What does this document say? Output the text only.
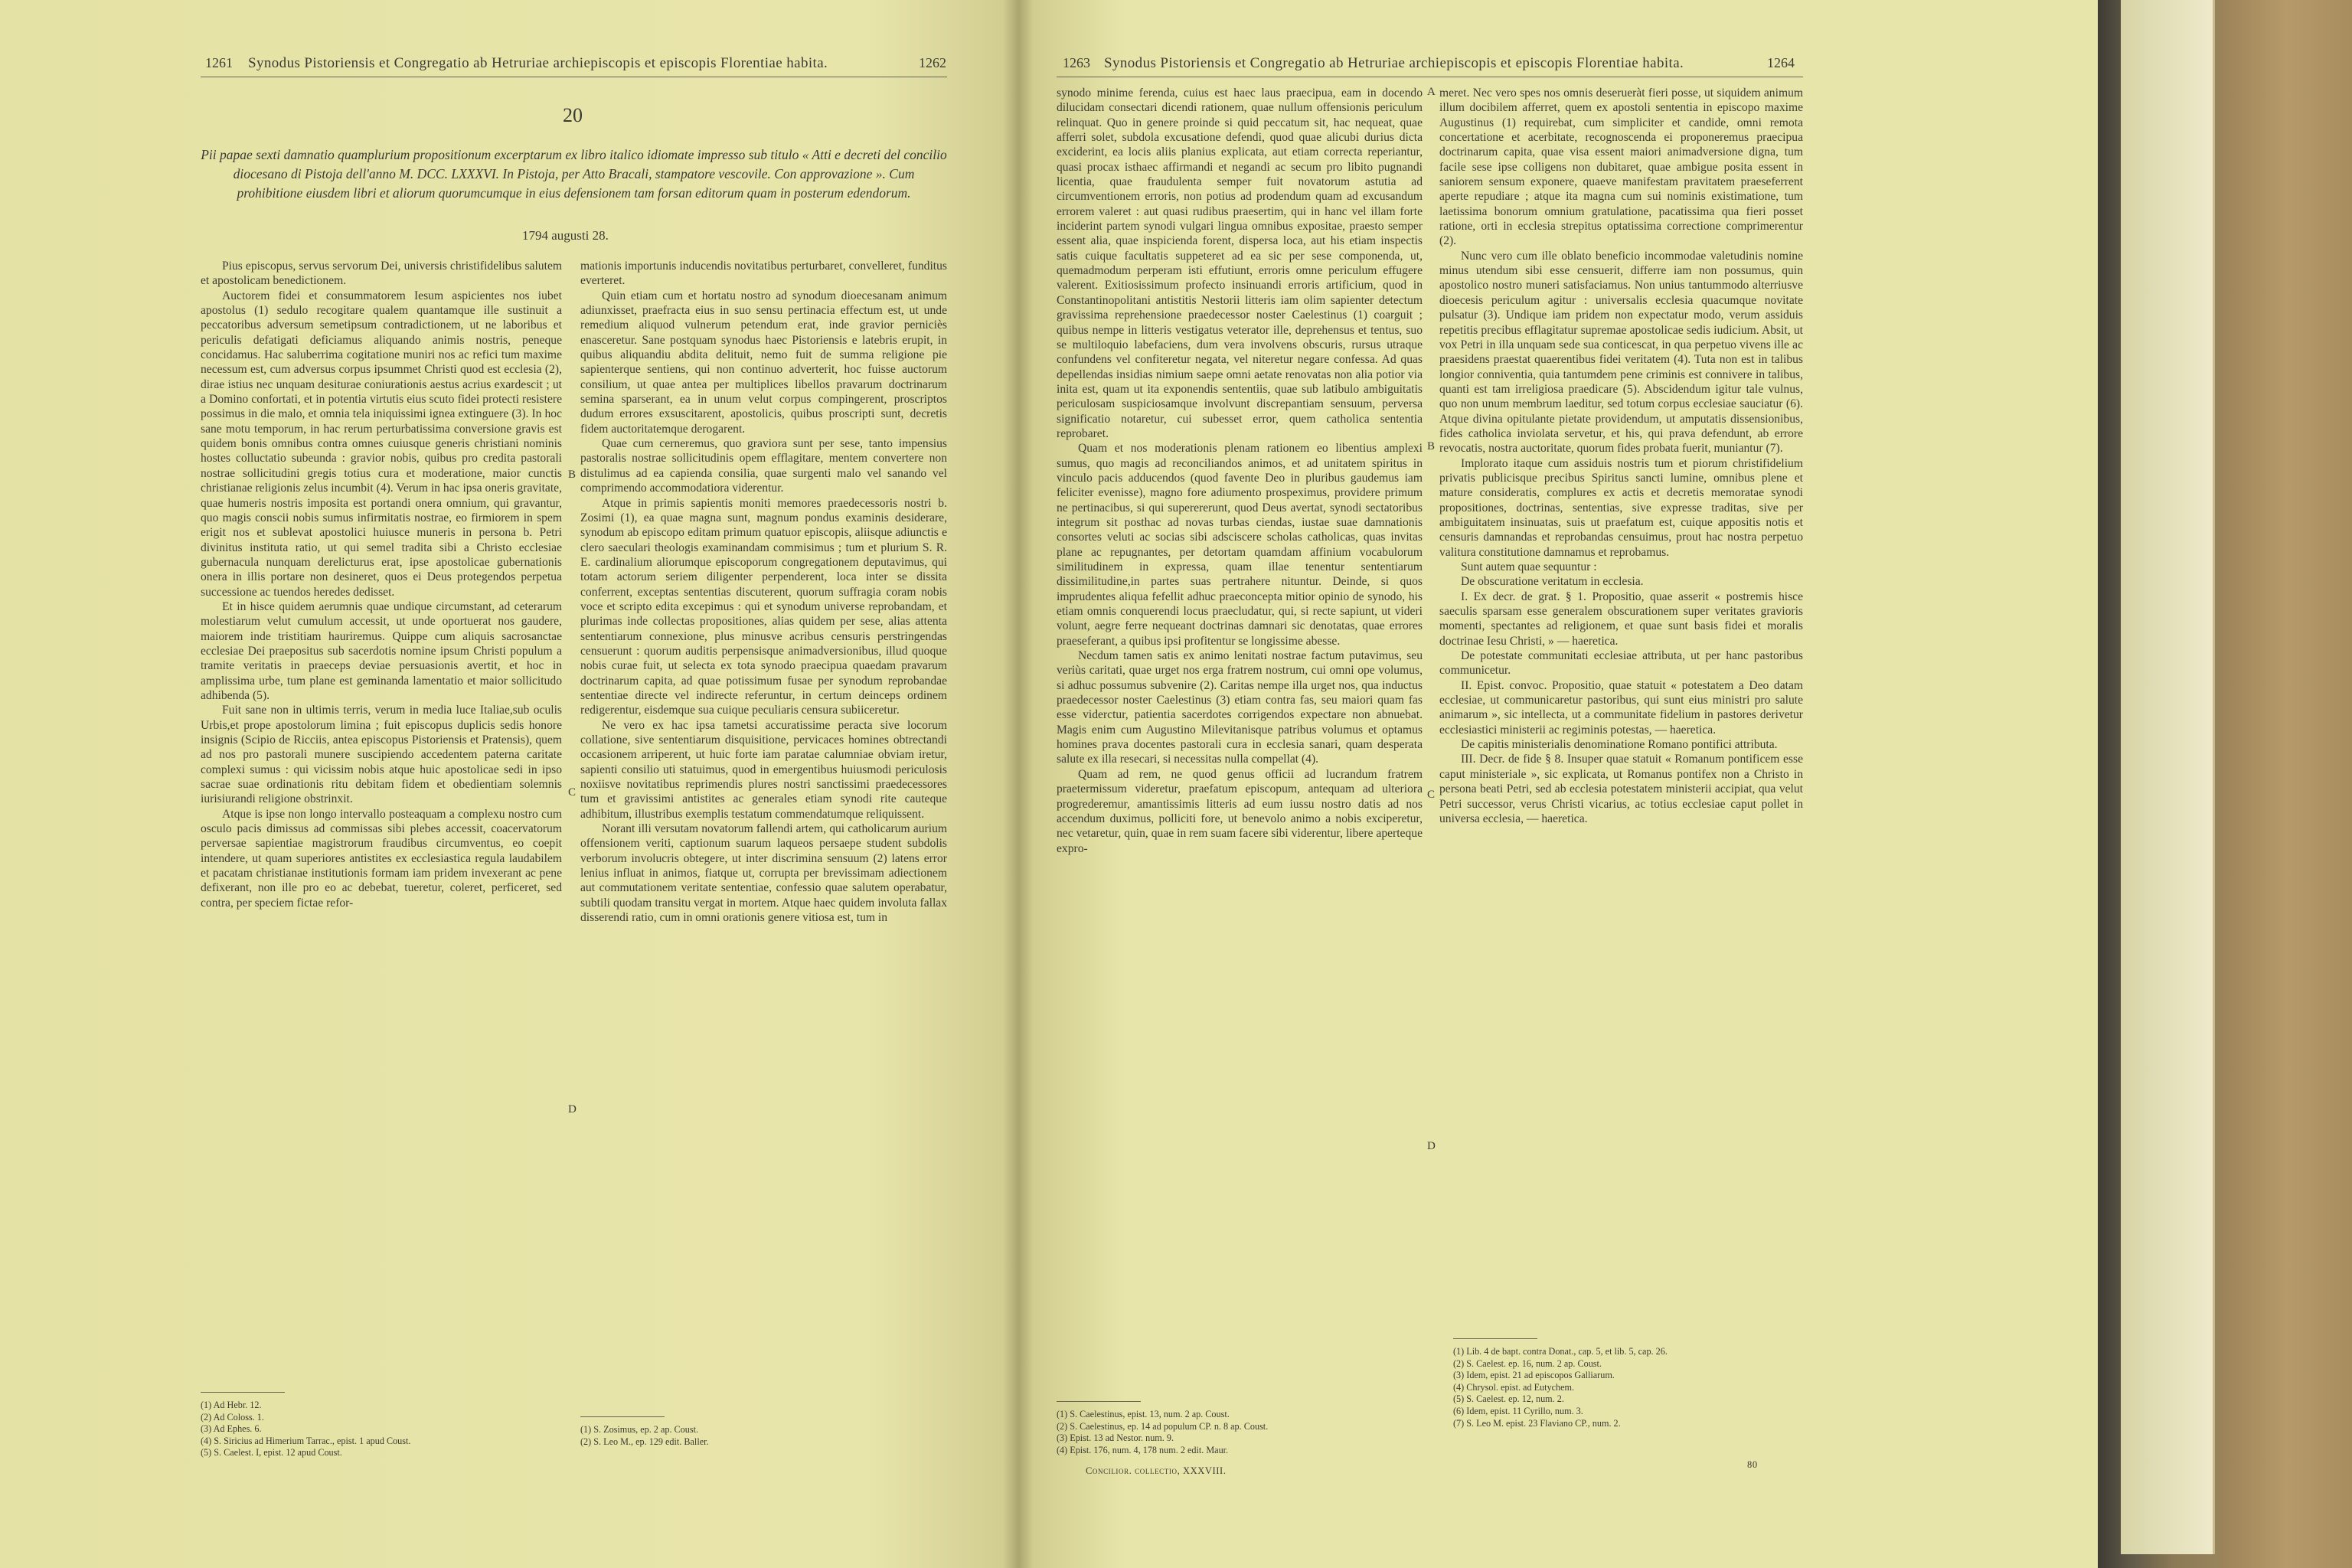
1261 Synodus Pistoriensis et Congregatio ab Hetruriae archiepiscopis et episcopis Florentiae habita.	1262
20
Pii papae sexti damnatio quamplurium propositionum excerptarum ex libro italico idiomate impresso sub titulo « Atti e decreti del concilio diocesano di Pistoja dell'anno M. DCC. LXXXVI. In Pistoja, per Atto Bracali, stampatore vescovile. Con approvazione ». Cum prohibitione eiusdem libri et aliorum quorumcumque in eius defensionem tam forsan editorum quam in posterum edendorum.
1794 augusti 28.

Pius episcopus, servus servorum Dei, universis christifidelibus salutem et apostolicam benedictionem.

Auctorem fidei et consummatorem Iesum aspicientes nos iubet apostolus (1) sedulo recogitare qualem quantamque ille sustinuit a peccatoribus adversum semetipsum contradictionem, ut ne laboribus et periculis defatigati deficiamus aliquando animis nostris, peneque concidamus. Hac saluberrima cogitatione muniri nos ac refici tum maxime necessum est, cum adversus corpus ipsummet Christi quod est ecclesia (2), dirae istius nec unquam desiturae coniurationis aestus acrius exardescit ; ut a Domino confortati, et in potentia virtutis eius scuto fidei protecti resistere possimus in die malo, et omnia tela iniquissimi ignea extinguere (3). In hoc sane motu temporum, in hac rerum perturbatissima conversione gravis est quidem bonis omnibus contra omnes cuiusque generis christiani nominis hostes colluctatio subeunda : gravior nobis, quibus pro credita pastorali nostrae sollicitudini gregis totius cura et moderatione, maior cunctis christianae religionis zelus incumbit (4). Verum in hac ipsa oneris gravitate, quae humeris nostris imposita est portandi onera omnium, qui gravantur, quo magis conscii nobis sumus infirmitatis nostrae, eo firmiorem in spem erigit nos et sublevat apostolici huiusce muneris in persona b. Petri divinitus instituta ratio, ut qui semel tradita sibi a Christo ecclesiae gubernacula nunquam derelicturus erat, ipse apostolicae gubernationis onera in illis portare non desineret, quos ei Deus protegendos perpetua successione ac tuendos heredes dedisset.

Et in hisce quidem aerumnis quae undique circumstant, ad ceterarum molestiarum velut cumulum accessit, ut unde oportuerat nos gaudere, maiorem inde tristitiam hauriremus. Quippe cum aliquis sacrosanctae ecclesiae Dei praepositus sub sacerdotis nomine ipsum Christi populum a tramite veritatis in praeceps deviae persuasionis avertit, et hoc in amplissima urbe, tum plane est geminanda lamentatio et maior sollicitudo adhibenda (5).

Fuit sane non in ultimis terris, verum in media luce Italiae,sub oculis Urbis,et prope apostolorum limina ; fuit episcopus duplicis sedis honore insignis (Scipio de Ricciis, antea episcopus Pistoriensis et Pratensis), quem ad nos pro pastorali munere suscipiendo accedentem paterna caritate complexi sumus : qui vicissim nobis atque huic apostolicae sedi in ipso sacrae suae ordinationis ritu debitam fidem et obedientiam solemnis iurisiurandi religione obstrinxit.

Atque is ipse non longo intervallo posteaquam a complexu nostro cum osculo pacis dimissus ad commissas sibi plebes accessit, coacervatorum perversae sapientiae magistrorum fraudibus circumventus, eo coepit intendere, ut quam superiores antistites ex ecclesiastica regula laudabilem et pacatam christianae institutionis formam iam pridem invexerant ac pene defixerant, non ille pro eo ac debebat, tueretur, coleret, perficeret, sed contra, per speciem fictae refor-

B
C
D

mationis importunis inducendis novitatibus perturbaret, convelleret, funditus everteret.

Quin etiam cum et hortatu nostro ad synodum dioecesanam animum adiunxisset, praefracta eius in suo sensu pertinacia effectum est, ut unde remedium aliquod vulnerum petendum erat, inde gravior perniciès enasceretur. Sane postquam synodus haec Pistoriensis e latebris erupit, in quibus aliquandiu abdita delituit, nemo fuit de summa religione pie sapienterque sentiens, qui non continuo adverterit, hoc fuisse auctorum consilium, ut quae antea per multiplices libellos pravarum doctrinarum semina sparserant, ea in unum velut corpus compingerent, proscriptos dudum errores exsuscitarent, apostolicis, quibus proscripti sunt, decretis fidem auctoritatemque derogarent.

Quae cum cerneremus, quo graviora sunt per sese, tanto impensius pastoralis nostrae sollicitudinis opem efflagitare, mentem convertere non distulimus ad ea capienda consilia, quae surgenti malo vel sanando vel comprimendo accommodatiora viderentur.

Atque in primis sapientis moniti memores praedecessoris nostri b. Zosimi (1), ea quae magna sunt, magnum pondus examinis desiderare, synodum ab episcopo editam primum quatuor episcopis, aliisque adiunctis e clero saeculari theologis examinandam commisimus ; tum et plurium S. R. E. cardinalium aliorumque episcoporum congregationem deputavimus, qui totam actorum seriem diligenter perpenderent, loca inter se dissita conferrent, exceptas sententias discuterent, quorum suffragia coram nobis voce et scripto edita excepimus : qui et synodum universe reprobandam, et plurimas inde collectas propositiones, alias quidem per sese, alias attenta sententiarum connexione, plus minusve acribus censuris perstringendas censuerunt : quorum auditis perpensisque animadversionibus, illud quoque nobis curae fuit, ut selecta ex tota synodo praecipua quaedam pravarum doctrinarum capita, ad quae potissimum fusae per synodum reprobandae sententiae directe vel indirecte referuntur, in certum deinceps ordinem redigerentur, eisdemque sua cuique peculiaris censura subiiceretur.

Ne vero ex hac ipsa tametsi accuratissime peracta sive locorum collatione, sive sententiarum disquisitione, pervicaces homines obtrectandi occasionem arriperent, ut huic forte iam paratae calumniae obviam iretur, sapienti consilio uti statuimus, quod in emergentibus huiusmodi periculosis noxiisve novitatibus reprimendis plures nostri sanctissimi praedecessores tum et gravissimi antistites ac generales etiam synodi rite cauteque adhibitum, illustribus exemplis testatum commendatumque reliquissent.

Norant illi versutam novatorum fallendi artem, qui catholicarum aurium offensionem veriti, captionum suarum laqueos persaepe student subdolis verborum involucris obtegere, ut inter discrimina sensuum (2) latens error lenius influat in animos, fiatque ut, corrupta per brevissimam adiectionem aut commutationem veritate sententiae, confessio quae salutem operabatur, subtili quodam transitu vergat in mortem. Atque haec quidem involuta fallax disserendi ratio, cum in omni orationis genere vitiosa est, tum in

(1) Ad Hebr. 12.
(2) Ad Coloss. 1.
(3) Ad Ephes. 6.
(4) S. Siricius ad Himerium Tarrac., epist. 1 apud Coust.
(5) S. Caelest. I, epist. 12 apud Coust.
(1) S. Zosimus, ep. 2 ap. Coust.
(2) S. Leo M., ep. 129 edit. Baller.
1263 Synodus Pistoriensis et Congregatio ab Hetruriae archiepiscopis et episcopis Florentiae habita.	1264

synodo minime ferenda, cuius est haec laus praecipua, eam in docendo dilucidam consectari dicendi rationem, quae nullum offensionis periculum relinquat. Quo in genere proinde si quid peccatum sit, hac nequeat, quae afferri solet, subdola excusatione defendi, quod quae alicubi durius dicta exciderint, ea locis aliis planius explicata, aut etiam correcta reperiantur, quasi procax isthaec affirmandi et negandi ac secum pro libito pugnandi licentia, quae fraudulenta semper fuit novatorum astutia ad circumventionem erroris, non potius ad prodendum quam ad excusandum errorem valeret : aut quasi rudibus praesertim, qui in hanc vel illam forte inciderint partem synodi vulgari lingua omnibus expositae, praesto semper essent alia, quae inspicienda forent, dispersa loca, aut his etiam inspectis satis cuique facultatis suppeteret ad ea sic per sese componenda, ut, quemadmodum perperam isti effutiunt, erroris omne periculum effugere valerent. Exitiosissimum profecto insinuandi erroris artificium, quod in Constantinopolitani antistitis Nestorii litteris iam olim sapienter detectum gravissima reprehensione praedecessor noster Caelestinus (1) coarguit ; quibus nempe in litteris vestigatus veterator ille, deprehensus et tentus, suo se multiloquio labefaciens, dum vera involvens obscuris, rursus utraque confundens vel confiteretur negata, vel niteretur negare confessa. Ad quas depellendas insidias nimium saepe omni aetate renovatas non alia potior via inita est, quam ut ita exponendis sententiis, quae sub latibulo ambiguitatis periculosam suspiciosamque involvunt discrepantiam sensuum, perversa significatio notaretur, cui subesset error, quem catholica sententia reprobaret.

Quam et nos moderationis plenam rationem eo libentius amplexi sumus, quo magis ad reconciliandos animos, et ad unitatem spiritus in vinculo pacis adducendos (quod favente Deo in pluribus gaudemus iam feliciter evenisse), magno fore adiumento prospeximus, providere primum ne pertinacibus, si qui superererunt, quod Deus avertat, synodi sectatoribus integrum sit posthac ad novas turbas ciendas, iustae suae damnationis consortes veluti ac socias sibi adsciscere scholas catholicas, quas invitas plane ac repugnantes, per detortam quamdam affinium vocabulorum similitudinem in expressa, quam illae tenentur sententiarum dissimilitudine,in partes suas pertrahere nituntur. Deinde, si quos imprudentes aliqua fefellit adhuc praeconcepta mitior opinio de synodo, his etiam omnis conquerendi locus praecludatur, qui, si recte sapiunt, ut videri volunt, aegre ferre nequeant doctrinas damnari sic denotatas, quae errores praeseferant, a quibus ipsi profitentur se longissime abesse.

Necdum tamen satis ex animo lenitati nostrae factum putavimus, seu veriùs caritati, quae urget nos erga fratrem nostrum, cui omni ope volumus, si adhuc possumus subvenire (2). Caritas nempe illa urget nos, qua inductus praedecessor noster Caelestinus (3) etiam contra fas, seu maiori quam fas esse viderctur, patientia sacerdotes corrigendos expectare non abnuebat. Magis enim cum Augustino Milevitanisque patribus volumus et optamus homines prava docentes pastorali cura in ecclesia sanari, quam desperata salute ex illa resecari, si necessitas nulla compellat (4).

Quam ad rem, ne quod genus officii ad lucrandum fratrem praetermissum videretur, praefatum episcopum, antequam ad ulteriora progrederemur, amantissimis litteris ad eum iussu nostro datis ad nos accendum duximus, polliciti fore, ut benevolo animo a nobis exciperetur, nec vetaretur, quin, quae in rem suam facere sibi viderentur, libere aperteque expro-

A
B
C
D

meret. Nec vero spes nos omnis deserueràt fieri posse, ut siquidem animum illum docibilem afferret, quem ex apostoli sententia in episcopo maxime Augustinus (1) requirebat, cum simpliciter et candide, omni remota concertatione et acerbitate, recognoscenda ei proponeremus praecipua doctrinarum capita, quae visa essent maiori animadversione digna, tum facile sese ipse colligens non dubitaret, quae ambigue posita essent in saniorem sensum exponere, quaeve manifestam pravitatem praeseferrent aperte repudiare ; atque ita magna cum sui nominis existimatione, tum laetissima bonorum omnium gratulatione, pacatissima qua fieri posset ratione, orti in ecclesia strepitus optatissima correctione comprimerentur (2).

Nunc vero cum ille oblato beneficio incommodae valetudinis nomine minus utendum sibi esse censuerit, differre iam non possumus, quin apostolico nostro muneri satisfaciamus. Non unius tantummodo alterriusve dioecesis periculum agitur : universalis ecclesia quacumque novitate pulsatur (3). Undique iam pridem non expectatur modo, verum assiduis repetitis precibus efflagitatur supremae apostolicae sedis iudicium. Absit, ut vox Petri in illa unquam sede sua conticescat, in qua perpetuo vivens ille ac praesidens praestat quaerentibus fidei veritatem (4). Tuta non est in talibus longior conniventia, quia tantumdem pene criminis est connivere in talibus, quanti est tam irreligiosa praedicare (5). Abscidendum igitur tale vulnus, quo non unum membrum laeditur, sed totum corpus ecclesiae sauciatur (6). Atque divina opitulante pietate providendum, ut amputatis dissensionibus, fides catholica inviolata servetur, et his, qui prava defendunt, ab errore revocatis, nostra auctoritate, quorum fides probata fuerit, muniantur (7).

Implorato itaque cum assiduis nostris tum et piorum christifidelium privatis publicisque precibus Spiritus sancti lumine, omnibus plene et mature consideratis, complures ex actis et decretis memoratae synodi propositiones, doctrinas, sententias, sive expresse traditas, sive per ambiguitatem insinuatas, suis ut praefatum est, cuique appositis notis et censuris damnandas et reprobandas censuimus, prout hac nostra perpetuo valitura constitutione damnamus et reprobamus.

Sunt autem quae sequuntur :

De obscuratione veritatum in ecclesia.

I. Ex decr. de grat. § 1. Propositio, quae asserit « postremis hisce saeculis sparsam esse generalem obscurationem super veritates gravioris momenti, spectantes ad religionem, et quae sunt basis fidei et moralis doctrinae Iesu Christi, » — haeretica.

De potestate communitati ecclesiae attributa, ut per hanc pastoribus communicetur.

II. Epist. convoc. Propositio, quae statuit « potestatem a Deo datam ecclesiae, ut communicaretur pastoribus, qui sunt eius ministri pro salute animarum », sic intellecta, ut a communitate fidelium in pastores derivetur ecclesiastici ministerii ac regiminis potestas, — haeretica.

De capitis ministerialis denominatione Romano pontifici attributa.

III. Decr. de fide § 8. Insuper quae statuit « Romanum pontificem esse caput ministeriale », sic explicata, ut Romanus pontifex non a Christo in persona beati Petri, sed ab ecclesia potestatem ministerii accipiat, qua velut Petri successor, verus Christi vicarius, ac totius ecclesiae caput pollet in universa ecclesia, — haeretica.

(1) S. Caelestinus, epist. 13, num. 2 ap. Coust.
(2) S. Caelestinus, ep. 14 ad populum CP. n. 8 ap. Coust.
(3) Epist. 13 ad Nestor. num. 9.
(4) Epist. 176, num. 4, 178 num. 2 edit. Maur.
Concilior. collectio, XXXVIII.
(1) Lib. 4 de bapt. contra Donat., cap. 5, et lib. 5, cap. 26.
(2) S. Caelest. ep. 16, num. 2 ap. Coust.
(3) Idem, epist. 21 ad episcopos Galliarum.
(4) Chrysol. epist. ad Eutychem.
(5) S. Caelest. ep. 12, num. 2.
(6) Idem, epist. 11 Cyrillo, num. 3.
(7) S. Leo M. epist. 23 Flaviano CP., num. 2.
80
